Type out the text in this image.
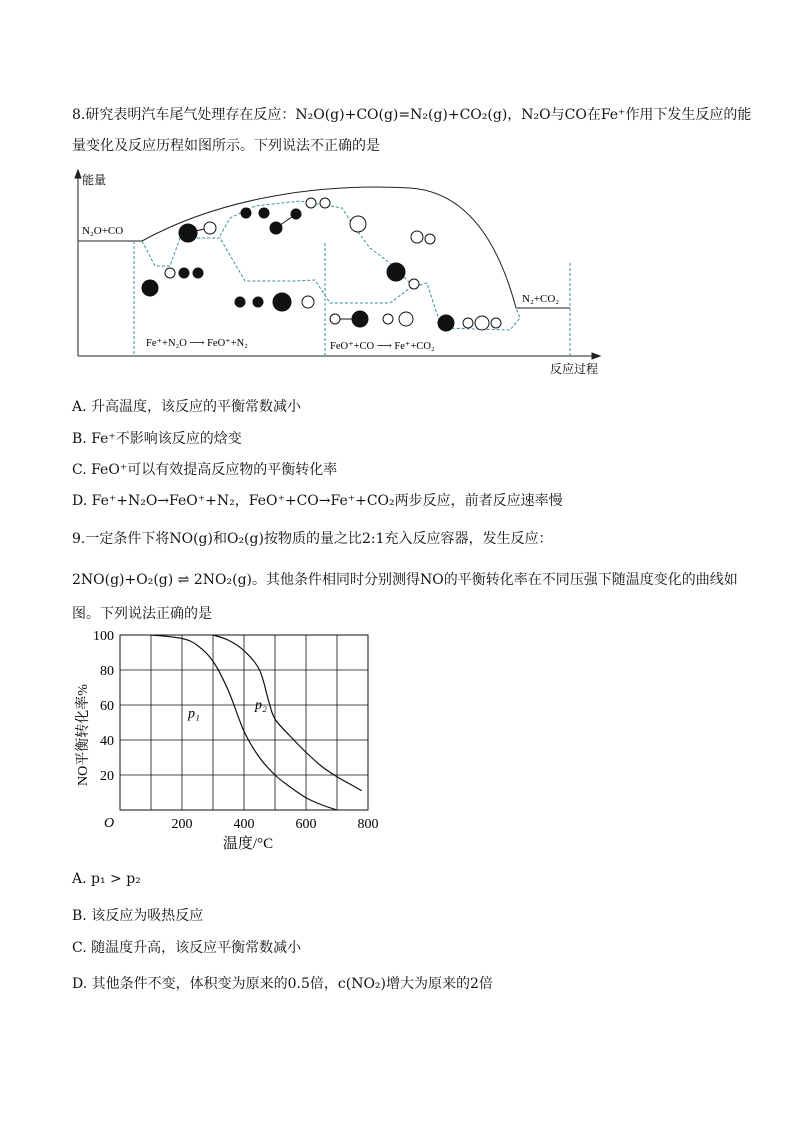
8.研究表明汽车尾气处理存在反应：N₂O(g)+CO(g)=N₂(g)+CO₂(g)，N₂O与CO在Fe⁺作用下发生反应的能
量变化及反应历程如图所示。下列说法不正确的是
能量
反应过程
N₂O+CO
N₂+CO₂
Fe⁺+N₂O ⟶ FeO⁺+N₂	FeO⁺+CO ⟶ Fe⁺+CO₂
A. 升高温度，该反应的平衡常数减小
B. Fe⁺不影响该反应的焓变
C. FeO⁺可以有效提高反应物的平衡转化率
D. Fe⁺+N₂O→FeO⁺+N₂，FeO⁺+CO→Fe⁺+CO₂两步反应，前者反应速率慢
9.一定条件下将NO(g)和O₂(g)按物质的量之比2:1充入反应容器，发生反应：
2NO(g)+O₂(g) ⇌ 2NO₂(g)。其他条件相同时分别测得NO的平衡转化率在不同压强下随温度变化的曲线如
图。下列说法正确的是
200	400	600	800
20
40
60
80
100
p₁
p₂
O
温度/°C
NO平衡转化率%
A. p₁ > p₂
B. 该反应为吸热反应
C. 随温度升高，该反应平衡常数减小
D. 其他条件不变，体积变为原来的0.5倍，c(NO₂)增大为原来的2倍
